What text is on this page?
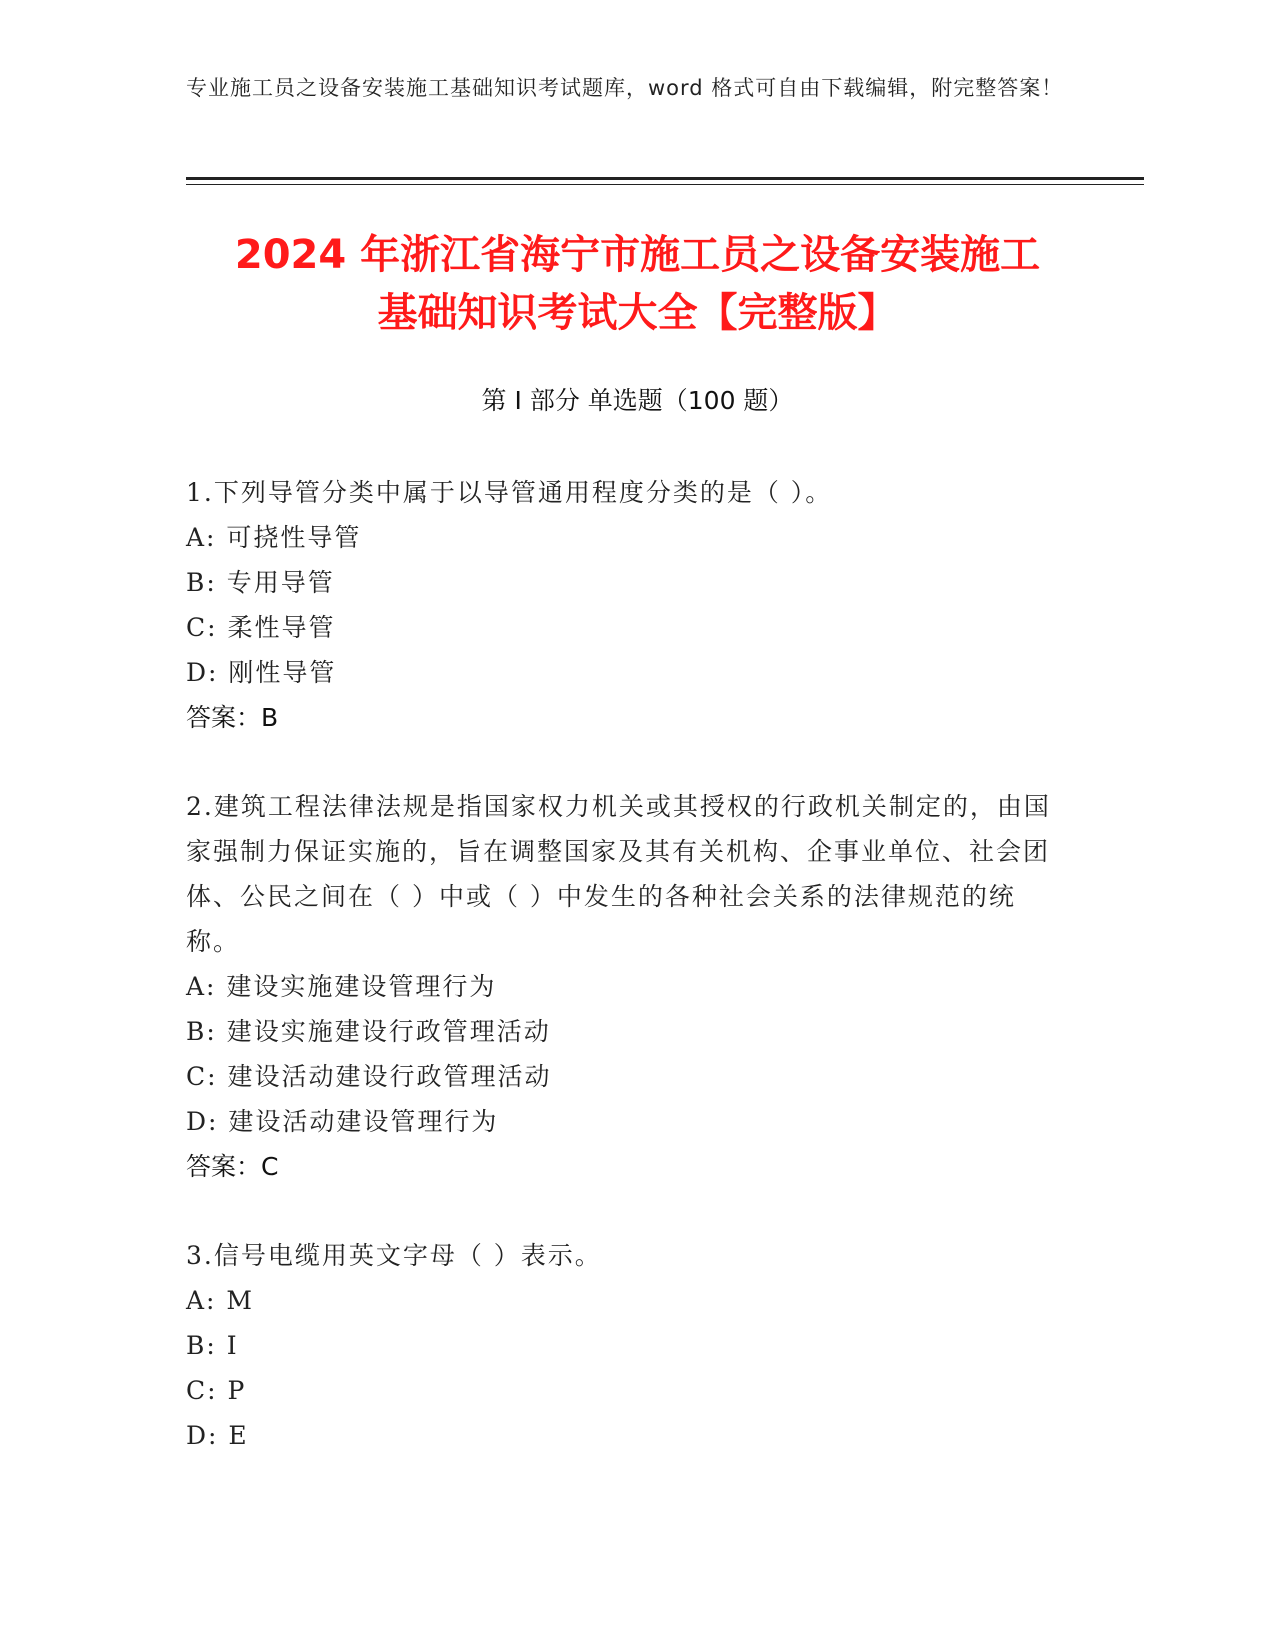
专业施工员之设备安装施工基础知识考试题库，word 格式可自由下载编辑，附完整答案！
2024 年浙江省海宁市施工员之设备安装施工
基础知识考试大全【完整版】
第 I 部分 单选题（100 题）

1.下列导管分类中属于以导管通用程度分类的是（ ）。

A: 可挠性导管

B: 专用导管

C: 柔性导管

D: 刚性导管

答案：B

2.建筑工程法律法规是指国家权力机关或其授权的行政机关制定的，由国家强制力保证实施的，旨在调整国家及其有关机构、企事业单位、社会团体、公民之间在（ ）中或（ ）中发生的各种社会关系的法律规范的统称。

A: 建设实施建设管理行为

B: 建设实施建设行政管理活动

C: 建设活动建设行政管理活动

D: 建设活动建设管理行为

答案：C

3.信号电缆用英文字母（ ）表示。

A: M

B: I

C: P

D: E
